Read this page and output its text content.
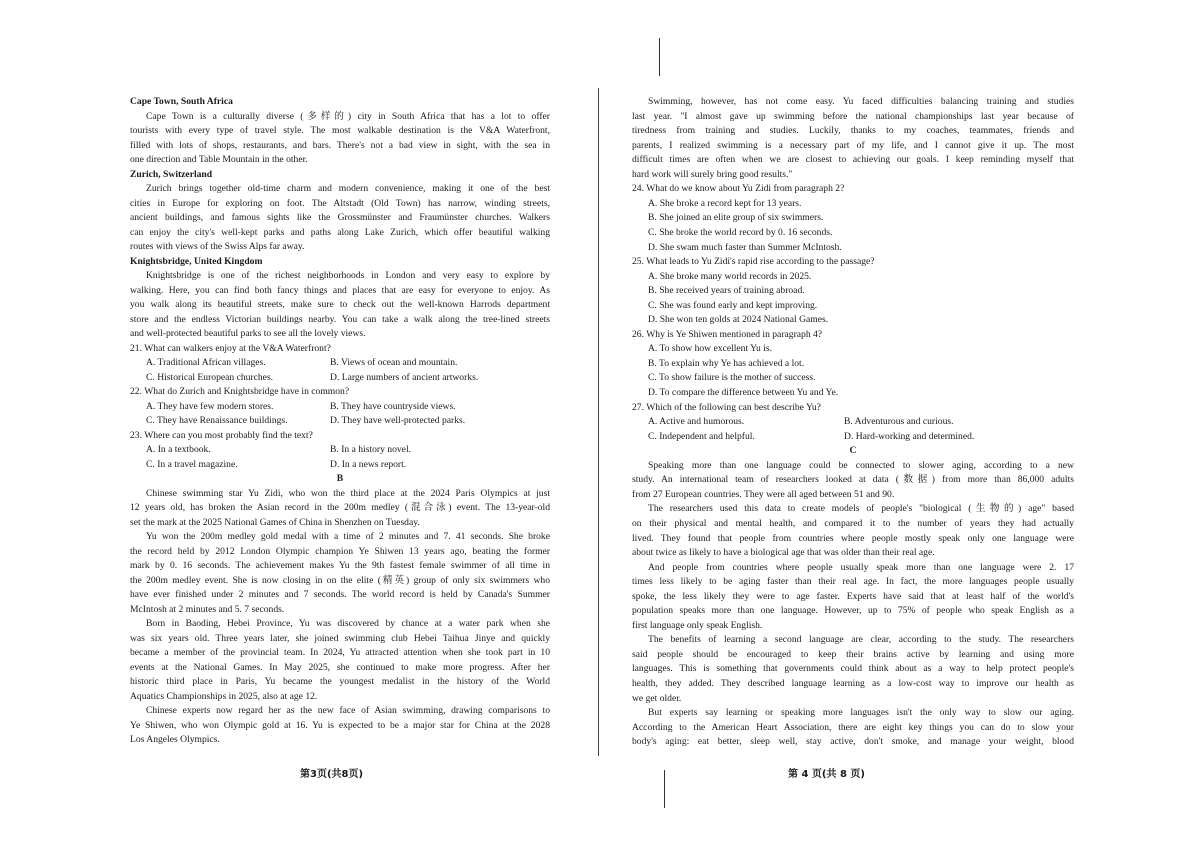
Cape Town, South Africa
Cape Town is a culturally diverse (多样的) city in South Africa that has a lot to offer
tourists with every type of travel style. The most walkable destination is the V&A Waterfront,
filled with lots of shops, restaurants, and bars. There's not a bad view in sight, with the sea in
one direction and Table Mountain in the other.
Zurich, Switzerland
Zurich brings together old-time charm and modern convenience, making it one of the best
cities in Europe for exploring on foot. The Altstadt (Old Town) has narrow, winding streets,
ancient buildings, and famous sights like the Grossmünster and Fraumünster churches. Walkers
can enjoy the city's well-kept parks and paths along Lake Zurich, which offer beautiful walking
routes with views of the Swiss Alps far away.
Knightsbridge, United Kingdom
Knightsbridge is one of the richest neighborhoods in London and very easy to explore by
walking. Here, you can find both fancy things and places that are easy for everyone to enjoy. As
you walk along its beautiful streets, make sure to check out the well-known Harrods department
store and the endless Victorian buildings nearby. You can take a walk along the tree-lined streets
and well-protected beautiful parks to see all the lovely views.
21. What can walkers enjoy at the V&A Waterfront?
A. Traditional African villages.	B. Views of ocean and mountain.
C. Historical European churches.	D. Large numbers of ancient artworks.
22. What do Zurich and Knightsbridge have in common?
A. They have few modern stores.	B. They have countryside views.
C. They have Renaissance buildings.	D. They have well-protected parks.
23. Where can you most probably find the text?
A. In a textbook.	B. In a history novel.
C. In a travel magazine.	D. In a news report.
B
Chinese swimming star Yu Zidi, who won the third place at the 2024 Paris Olympics at just
12 years old, has broken the Asian record in the 200m medley (混合泳) event. The 13-year-old
set the mark at the 2025 National Games of China in Shenzhen on Tuesday.
Yu won the 200m medley gold medal with a time of 2 minutes and 7. 41 seconds. She broke
the record held by 2012 London Olympic champion Ye Shiwen 13 years ago, beating the former
mark by 0. 16 seconds. The achievement makes Yu the 9th fastest female swimmer of all time in
the 200m medley event. She is now closing in on the elite (精英) group of only six swimmers who
have ever finished under 2 minutes and 7 seconds. The world record is held by Canada's Summer
McIntosh at 2 minutes and 5. 7 seconds.
Born in Baoding, Hebei Province, Yu was discovered by chance at a water park when she
was six years old. Three years later, she joined swimming club Hebei Taihua Jinye and quickly
became a member of the provincial team. In 2024, Yu attracted attention when she took part in 10
events at the National Games. In May 2025, she continued to make more progress. After her
historic third place in Paris, Yu became the youngest medalist in the history of the World
Aquatics Championships in 2025, also at age 12.
Chinese experts now regard her as the new face of Asian swimming, drawing comparisons to
Ye Shiwen, who won Olympic gold at 16. Yu is expected to be a major star for China at the 2028
Los Angeles Olympics.
Swimming, however, has not come easy. Yu faced difficulties balancing training and studies
last year. "I almost gave up swimming before the national championships last year because of
tiredness from training and studies. Luckily, thanks to my coaches, teammates, friends and
parents, I realized swimming is a necessary part of my life, and I cannot give it up. The most
difficult times are often when we are closest to achieving our goals. I keep reminding myself that
hard work will surely bring good results."
24. What do we know about Yu Zidi from paragraph 2?
A. She broke a record kept for 13 years.
B. She joined an elite group of six swimmers.
C. She broke the world record by 0. 16 seconds.
D. She swam much faster than Summer McIntosh.
25. What leads to Yu Zidi's rapid rise according to the passage?
A. She broke many world records in 2025.
B. She received years of training abroad.
C. She was found early and kept improving.
D. She won ten golds at 2024 National Games.
26. Why is Ye Shiwen mentioned in paragraph 4?
A. To show how excellent Yu is.
B. To explain why Ye has achieved a lot.
C. To show failure is the mother of success.
D. To compare the difference between Yu and Ye.
27. Which of the following can best describe Yu?
A. Active and humorous.	B. Adventurous and curious.
C. Independent and helpful.	D. Hard-working and determined.
C
Speaking more than one language could be connected to slower aging, according to a new
study. An international team of researchers looked at data (数据) from more than 86,000 adults
from 27 European countries. They were all aged between 51 and 90.
The researchers used this data to create models of people's "biological (生物的) age" based
on their physical and mental health, and compared it to the number of years they had actually
lived. They found that people from countries where people mostly speak only one language were
about twice as likely to have a biological age that was older than their real age.
And people from countries where people usually speak more than one language were 2. 17
times less likely to be aging faster than their real age. In fact, the more languages people usually
spoke, the less likely they were to age faster. Experts have said that at least half of the world's
population speaks more than one language. However, up to 75% of people who speak English as a
first language only speak English.
The benefits of learning a second language are clear, according to the study. The researchers
said people should be encouraged to keep their brains active by learning and using more
languages. This is something that governments could think about as a way to help protect people's
health, they added. They described language learning as a low-cost way to improve our health as
we get older.
But experts say learning or speaking more languages isn't the only way to slow our aging.
According to the American Heart Association, there are eight key things you can do to slow your
body's aging: eat better, sleep well, stay active, don't smoke, and manage your weight, blood
第3页(共8页)	第 4 页(共 8 页)
